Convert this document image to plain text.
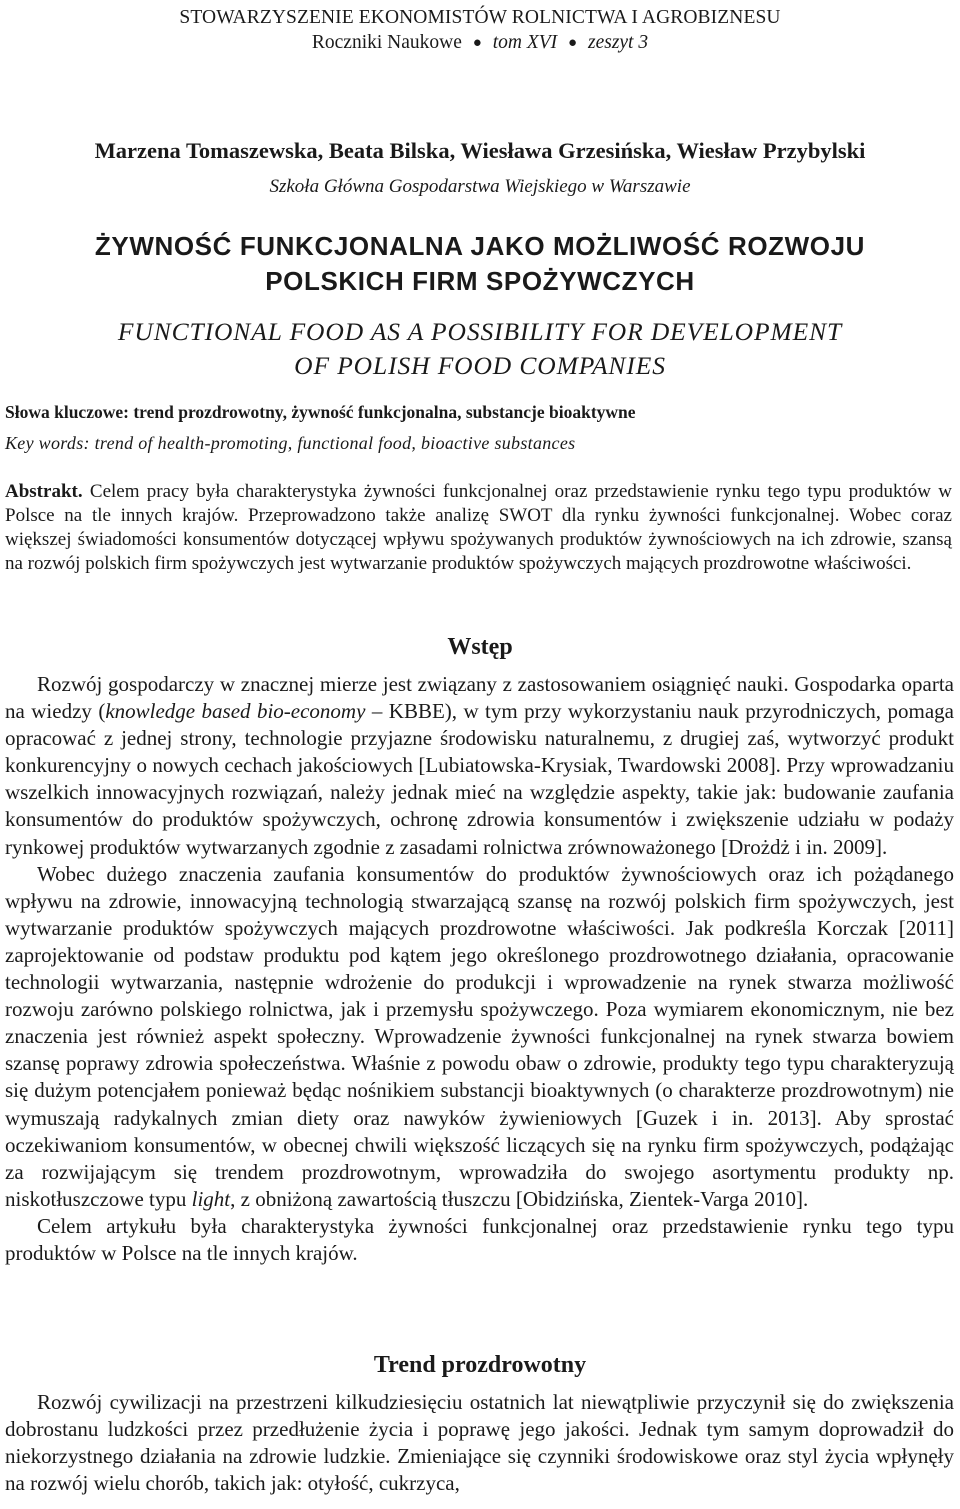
STOWARZYSZENIE EKONOMISTÓW ROLNICTWA I AGROBIZNESU
Roczniki Naukowe ● tom XVI ● zeszyt 3
Marzena Tomaszewska, Beata Bilska, Wiesława Grzesińska, Wiesław Przybylski
Szkoła Główna Gospodarstwa Wiejskiego w Warszawie
ŻYWNOŚĆ FUNKCJONALNA JAKO MOŻLIWOŚĆ ROZWOJU
POLSKICH FIRM SPOŻYWCZYCH
FUNCTIONAL FOOD AS A POSSIBILITY FOR DEVELOPMENT
OF POLISH FOOD COMPANIES
Słowa kluczowe: trend prozdrowotny, żywność funkcjonalna, substancje bioaktywne
Key words: trend of health-promoting, functional food, bioactive substances
Abstrakt. Celem pracy była charakterystyka żywności funkcjonalnej oraz przedstawienie rynku tego typu produktów w Polsce na tle innych krajów. Przeprowadzono także analizę SWOT dla rynku żywności funkcjonalnej. Wobec coraz większej świadomości konsumentów dotyczącej wpływu spożywanych produktów żywnościowych na ich zdrowie, szansą na rozwój polskich firm spożywczych jest wytwarzanie produktów spożywczych mających prozdrowotne właściwości.
Wstęp

Rozwój gospodarczy w znacznej mierze jest związany z zastosowaniem osiągnięć nauki. Gospodarka oparta na wiedzy (knowledge based bio-economy – KBBE), w tym przy wykorzystaniu nauk przyrodniczych, pomaga opracować z jednej strony, technologie przyjazne środowisku naturalnemu, z drugiej zaś, wytworzyć produkt konkurencyjny o nowych cechach jakościowych [Lubiatowska-Krysiak, Twardowski 2008]. Przy wprowadzaniu wszelkich innowacyjnych rozwiązań, należy jednak mieć na względzie aspekty, takie jak: budowanie zaufania konsumentów do produktów spożywczych, ochronę zdrowia konsumentów i zwiększenie udziału w podaży rynkowej produktów wytwarzanych zgodnie z zasadami rolnictwa zrównoważonego [Drożdż i in. 2009].

Wobec dużego znaczenia zaufania konsumentów do produktów żywnościowych oraz ich pożądanego wpływu na zdrowie, innowacyjną technologią stwarzającą szansę na rozwój polskich firm spożywczych, jest wytwarzanie produktów spożywczych mających prozdrowotne właściwości. Jak podkreśla Korczak [2011] zaprojektowanie od podstaw produktu pod kątem jego określonego prozdrowotnego działania, opracowanie technologii wytwarzania, następnie wdrożenie do produkcji i wprowadzenie na rynek stwarza możliwość rozwoju zarówno polskiego rolnictwa, jak i przemysłu spożywczego. Poza wymiarem ekonomicznym, nie bez znaczenia jest również aspekt społeczny. Wprowadzenie żywności funkcjonalnej na rynek stwarza bowiem szansę poprawy zdrowia społeczeństwa. Właśnie z powodu obaw o zdrowie, produkty tego typu charakteryzują się dużym potencjałem ponieważ będąc nośnikiem substancji bioaktywnych (o charakterze prozdrowotnym) nie wymuszają radykalnych zmian diety oraz nawyków żywieniowych [Guzek i in. 2013]. Aby sprostać oczekiwaniom konsumentów, w obecnej chwili większość liczących się na rynku firm spożywczych, podążając za rozwijającym się trendem prozdrowotnym, wprowadziła do swojego asortymentu produkty np. niskotłuszczowe typu light, z obniżoną zawartością tłuszczu [Obidzińska, Zientek-Varga 2010].

Celem artykułu była charakterystyka żywności funkcjonalnej oraz przedstawienie rynku tego typu produktów w Polsce na tle innych krajów.

Trend prozdrowotny

Rozwój cywilizacji na przestrzeni kilkudziesięciu ostatnich lat niewątpliwie przyczynił się do zwiększenia dobrostanu ludzkości przez przedłużenie życia i poprawę jego jakości. Jednak tym samym doprowadził do niekorzystnego działania na zdrowie ludzkie. Zmieniające się czynniki środowiskowe oraz styl życia wpłynęły na rozwój wielu chorób, takich jak: otyłość, cukrzyca,
